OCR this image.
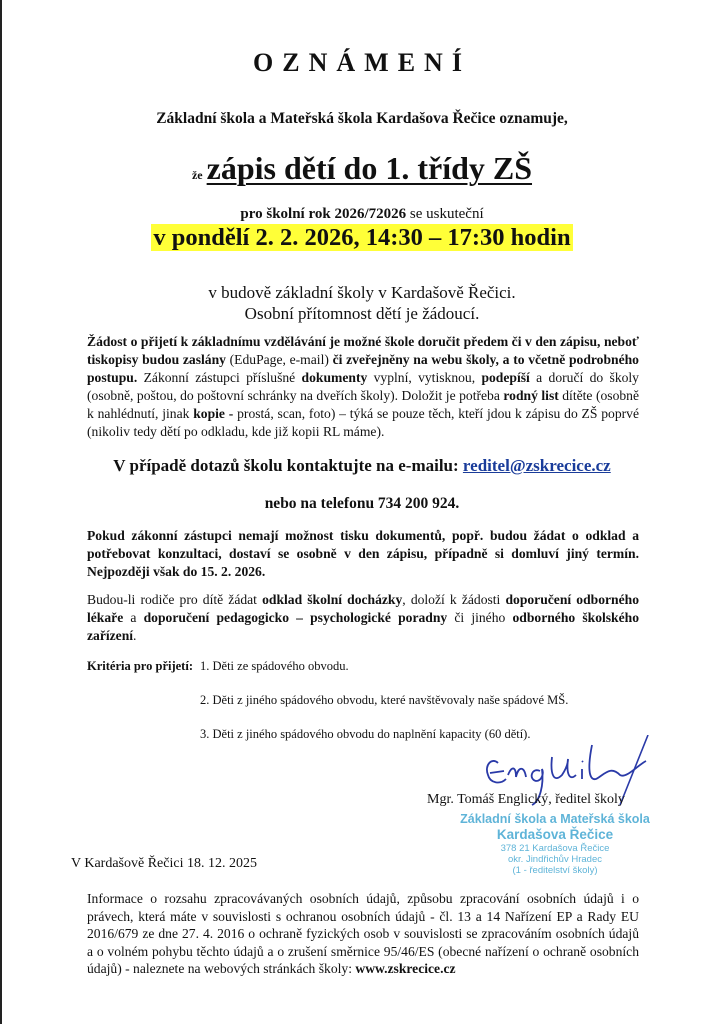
OZNÁMENÍ
Základní škola a Mateřská škola Kardašova Řečice oznamuje,
že zápis dětí do 1. třídy ZŠ
pro školní rok 2026/72026 se uskuteční
v pondělí 2. 2. 2026, 14:30 – 17:30 hodin
v budově základní školy v Kardašově Řečici.
Osobní přítomnost dětí je žádoucí.
Žádost o přijetí k základnímu vzdělávání je možné škole doručit předem či v den zápisu, neboť tiskopisy budou zaslány (EduPage, e-mail) či zveřejněny na webu školy, a to včetně podrobného postupu. Zákonní zástupci příslušné dokumenty vyplní, vytisknou, podepíší a doručí do školy (osobně, poštou, do poštovní schránky na dveřích školy). Doložit je potřeba rodný list dítěte (osobně k nahlédnutí, jinak kopie - prostá, scan, foto) – týká se pouze těch, kteří jdou k zápisu do ZŠ poprvé (nikoliv tedy dětí po odkladu, kde již kopii RL máme).
V případě dotazů školu kontaktujte na e-mailu: reditel@zskrecice.cz
nebo na telefonu 734 200 924.
Pokud zákonní zástupci nemají možnost tisku dokumentů, popř. budou žádat o odklad a potřebovat konzultaci, dostaví se osobně v den zápisu, případně si domluví jiný termín. Nejpozději však do 15. 2. 2026.
Budou-li rodiče pro dítě žádat odklad školní docházky, doloží k žádosti doporučení odborného lékaře a doporučení pedagogicko – psychologické poradny či jiného odborného školského zařízení.
Kritéria pro přijetí: 1. Děti ze spádového obvodu.
2. Děti z jiného spádového obvodu, které navštěvovaly naše spádové MŠ.
3. Děti z jiného spádového obvodu do naplnění kapacity (60 dětí).
Mgr. Tomáš Englický, ředitel školy
Základní škola a Mateřská škola
Kardašova Řečice
378 21 Kardašova Řečice
okr. Jindřichův Hradec
(1 - ředitelství školy)
V Kardašově Řečici 18. 12. 2025
Informace o rozsahu zpracovávaných osobních údajů, způsobu zpracování osobních údajů i o právech, která máte v souvislosti s ochranou osobních údajů - čl. 13 a 14 Nařízení EP a Rady EU 2016/679 ze dne 27. 4. 2016 o ochraně fyzických osob v souvislosti se zpracováním osobních údajů a o volném pohybu těchto údajů a o zrušení směrnice 95/46/ES (obecné nařízení o ochraně osobních údajů) - naleznete na webových stránkách školy: www.zskrecice.cz
